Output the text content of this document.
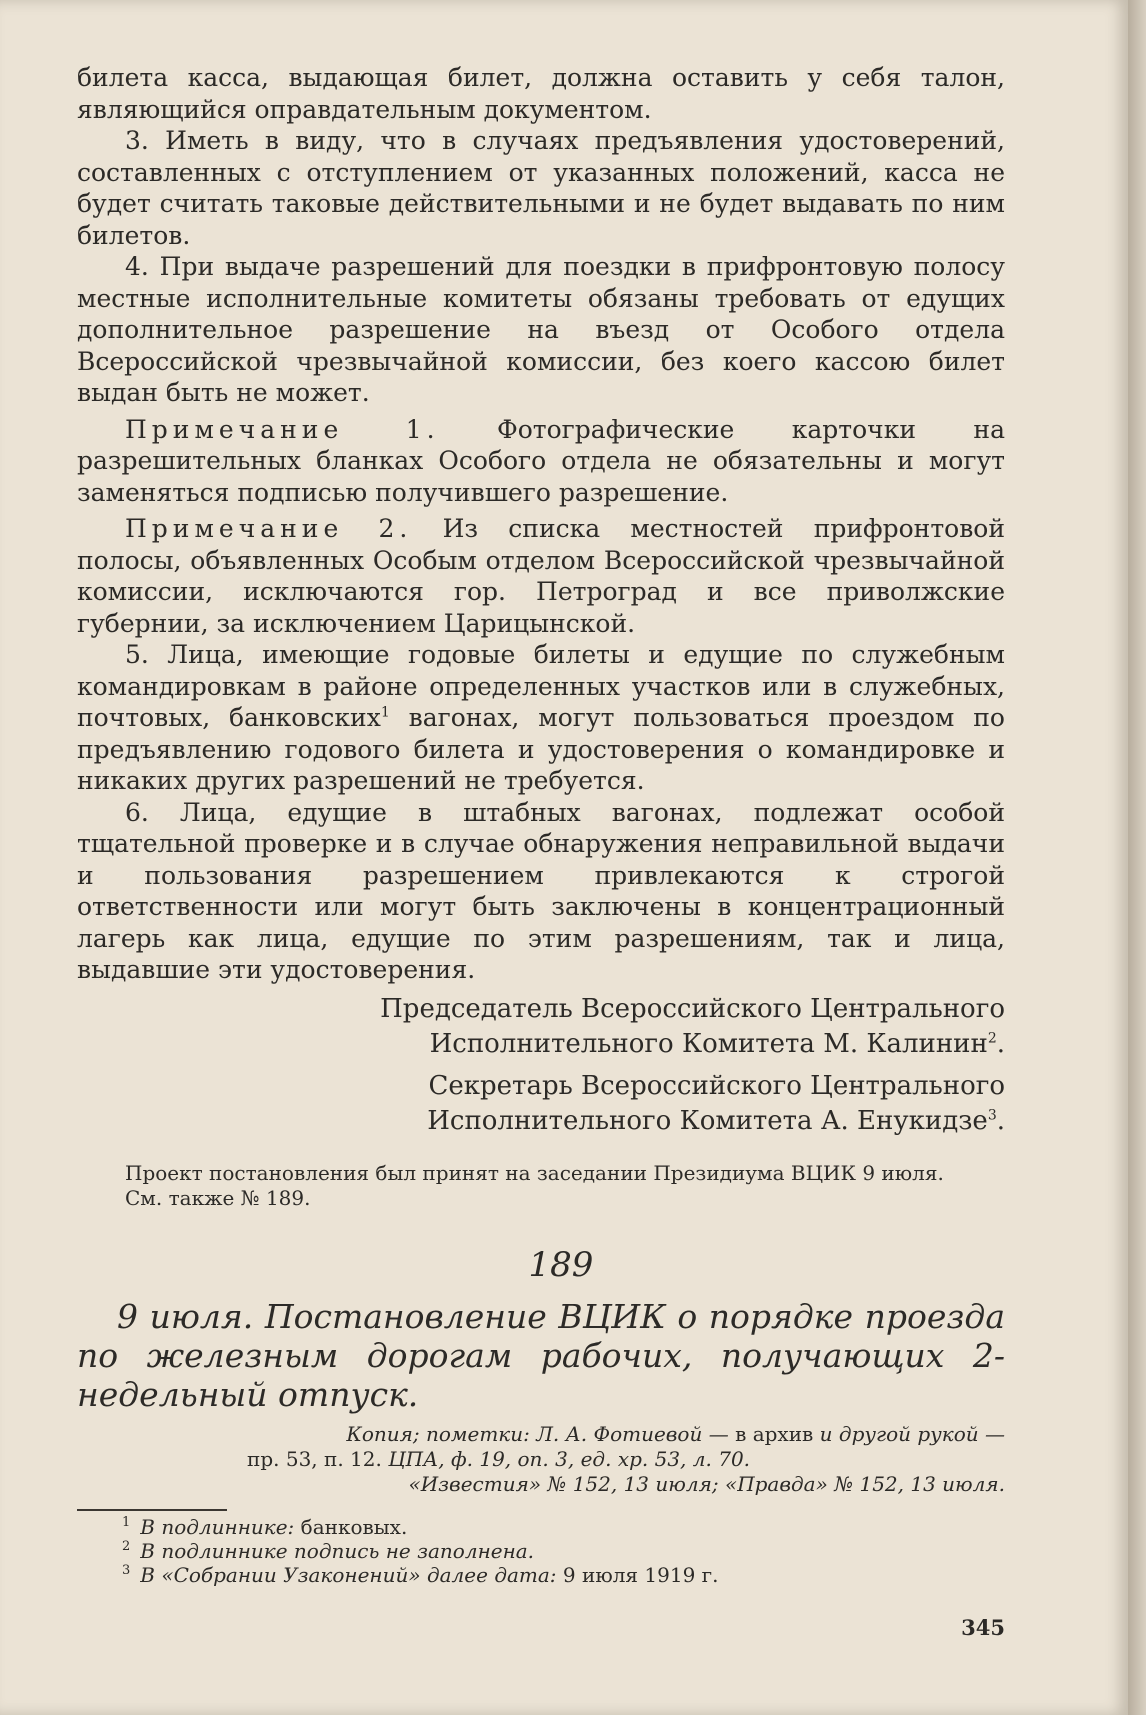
билета касса, выдающая билет, должна оставить у себя талон, являющийся оправдательным документом.

3. Иметь в виду, что в случаях предъявления удостоверений, составленных с отступлением от указанных положений, касса не будет считать таковые действительными и не будет выдавать по ним билетов.

4. При выдаче разрешений для поездки в прифронтовую полосу местные исполнительные комитеты обязаны требовать от едущих дополнительное разрешение на въезд от Особого отдела Всероссийской чрезвычайной комиссии, без коего кассою билет выдан быть не может.

Примечание 1. Фотографические карточки на разрешительных бланках Особого отдела не обязательны и могут заменяться подписью получившего разрешение.

Примечание 2. Из списка местностей прифронтовой полосы, объявленных Особым отделом Всероссийской чрезвычайной комиссии, исключаются гор. Петроград и все приволжские губернии, за исключением Царицынской.

5. Лица, имеющие годовые билеты и едущие по служебным командировкам в районе определенных участков или в служебных, почтовых, банковских$^1$ вагонах, могут пользоваться проездом по предъявлению годового билета и удостоверения о командировке и никаких других разрешений не требуется.

6. Лица, едущие в штабных вагонах, подлежат особой тщательной проверке и в случае обнаружения неправильной выдачи и пользования разрешением привлекаются к строгой ответственности или могут быть заключены в концентрационный лагерь как лица, едущие по этим разрешениям, так и лица, выдавшие эти удостоверения.

Председатель Всероссийского Центрального
Исполнительного Комитета М. Калинин$^2$.
Секретарь Всероссийского Центрального
Исполнительного Комитета А. Енукидзе$^3$.

Проект постановления был принят на заседании Президиума ВЦИК 9 июля.

См. также № 189.

189

9 июля. Постановление ВЦИК о порядке проезда по железным дорогам рабочих, получающих 2-недельный отпуск.

Копия; пометки: Л. А. Фотиевой — в архив и другой рукой —
пр. 53, п. 12. ЦПА, ф. 19, оп. 3, ед. хр. 53, л. 70.
«Известия» № 152, 13 июля; «Правда» № 152, 13 июля.
$^1$ В подлиннике: банковых.
$^2$ В подлиннике подпись не заполнена.
$^3$ В «Собрании Узаконений» далее дата: 9 июля 1919 г.
345
